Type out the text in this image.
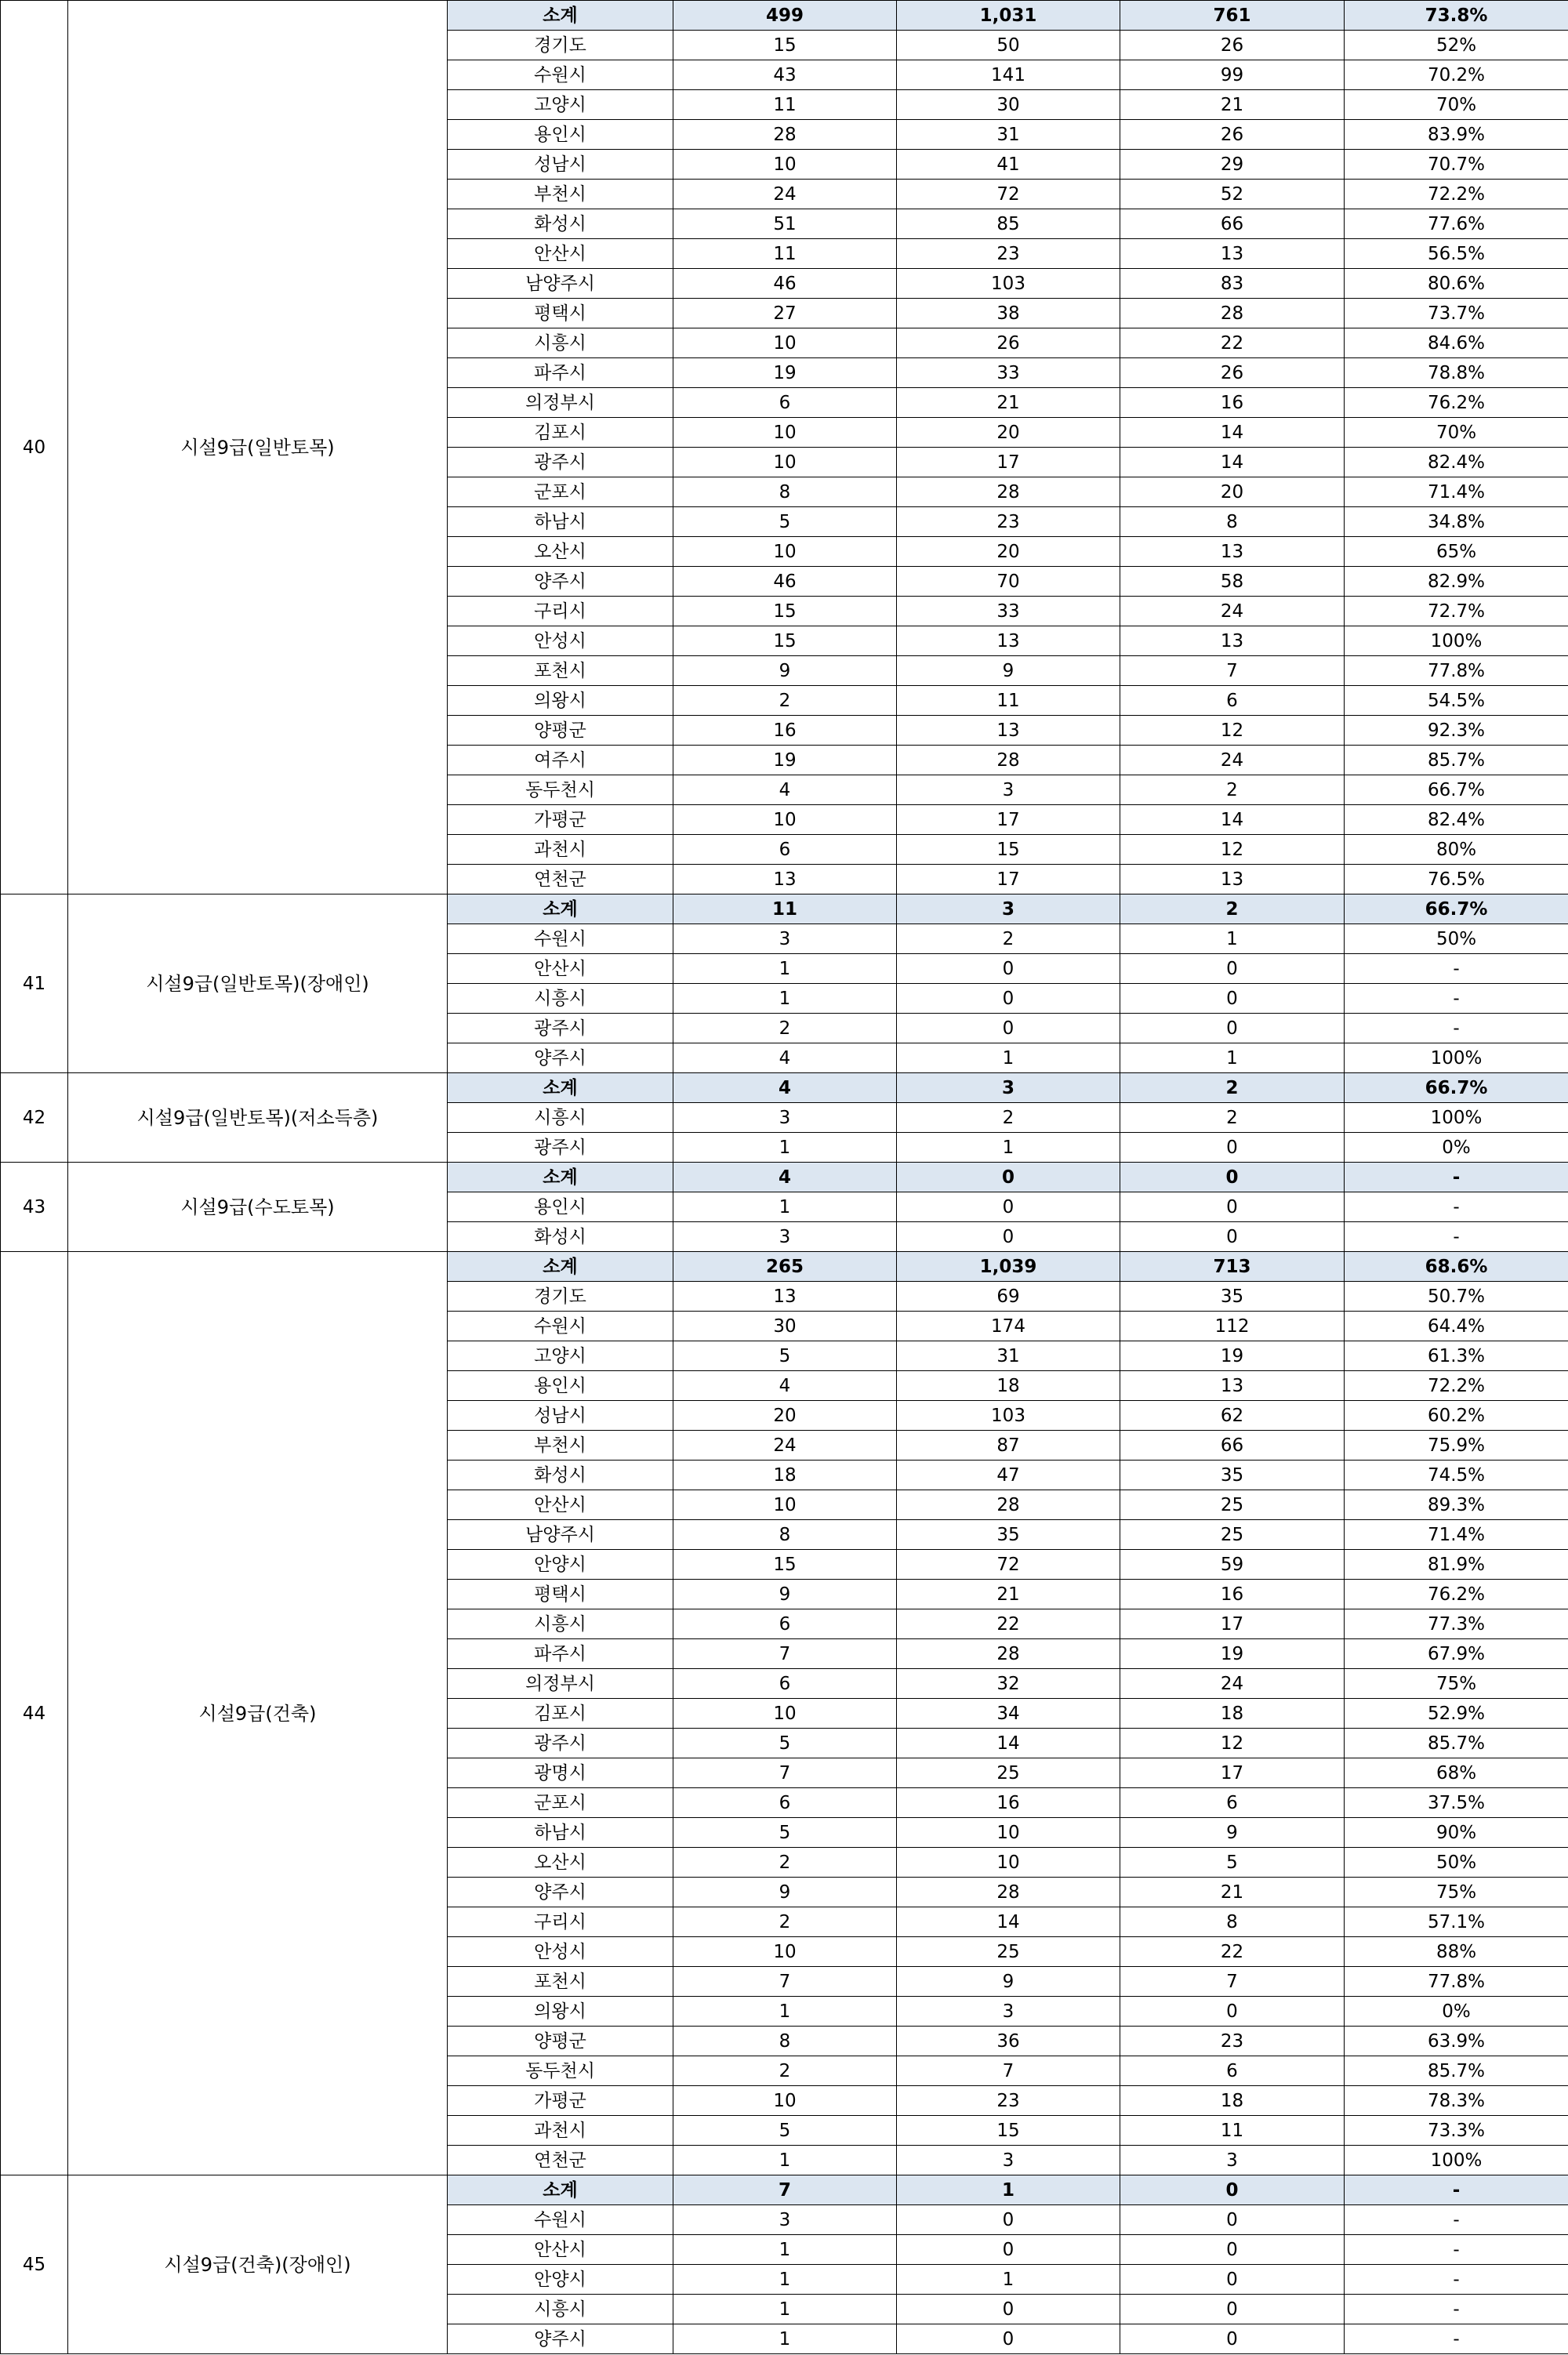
40	시설9급(일반토목)	소계	499	1,031	761	73.8%
		경기도	15	50	26	52%
		수원시	43	141	99	70.2%
		고양시	11	30	21	70%
		용인시	28	31	26	83.9%
		성남시	10	41	29	70.7%
		부천시	24	72	52	72.2%
		화성시	51	85	66	77.6%
		안산시	11	23	13	56.5%
		남양주시	46	103	83	80.6%
		평택시	27	38	28	73.7%
		시흥시	10	26	22	84.6%
		파주시	19	33	26	78.8%
		의정부시	6	21	16	76.2%
		김포시	10	20	14	70%
		광주시	10	17	14	82.4%
		군포시	8	28	20	71.4%
		하남시	5	23	8	34.8%
		오산시	10	20	13	65%
		양주시	46	70	58	82.9%
		구리시	15	33	24	72.7%
		안성시	15	13	13	100%
		포천시	9	9	7	77.8%
		의왕시	2	11	6	54.5%
		양평군	16	13	12	92.3%
		여주시	19	28	24	85.7%
		동두천시	4	3	2	66.7%
		가평군	10	17	14	82.4%
		과천시	6	15	12	80%
		연천군	13	17	13	76.5%
41	시설9급(일반토목)(장애인)	소계	11	3	2	66.7%
		수원시	3	2	1	50%
		안산시	1	0	0	-
		시흥시	1	0	0	-
		광주시	2	0	0	-
		양주시	4	1	1	100%
42	시설9급(일반토목)(저소득층)	소계	4	3	2	66.7%
		시흥시	3	2	2	100%
		광주시	1	1	0	0%
43	시설9급(수도토목)	소계	4	0	0	-
		용인시	1	0	0	-
		화성시	3	0	0	-
44	시설9급(건축)	소계	265	1,039	713	68.6%
		경기도	13	69	35	50.7%
		수원시	30	174	112	64.4%
		고양시	5	31	19	61.3%
		용인시	4	18	13	72.2%
		성남시	20	103	62	60.2%
		부천시	24	87	66	75.9%
		화성시	18	47	35	74.5%
		안산시	10	28	25	89.3%
		남양주시	8	35	25	71.4%
		안양시	15	72	59	81.9%
		평택시	9	21	16	76.2%
		시흥시	6	22	17	77.3%
		파주시	7	28	19	67.9%
		의정부시	6	32	24	75%
		김포시	10	34	18	52.9%
		광주시	5	14	12	85.7%
		광명시	7	25	17	68%
		군포시	6	16	6	37.5%
		하남시	5	10	9	90%
		오산시	2	10	5	50%
		양주시	9	28	21	75%
		구리시	2	14	8	57.1%
		안성시	10	25	22	88%
		포천시	7	9	7	77.8%
		의왕시	1	3	0	0%
		양평군	8	36	23	63.9%
		동두천시	2	7	6	85.7%
		가평군	10	23	18	78.3%
		과천시	5	15	11	73.3%
		연천군	1	3	3	100%
45	시설9급(건축)(장애인)	소계	7	1	0	-
		수원시	3	0	0	-
		안산시	1	0	0	-
		안양시	1	1	0	-
		시흥시	1	0	0	-
		양주시	1	0	0	-
